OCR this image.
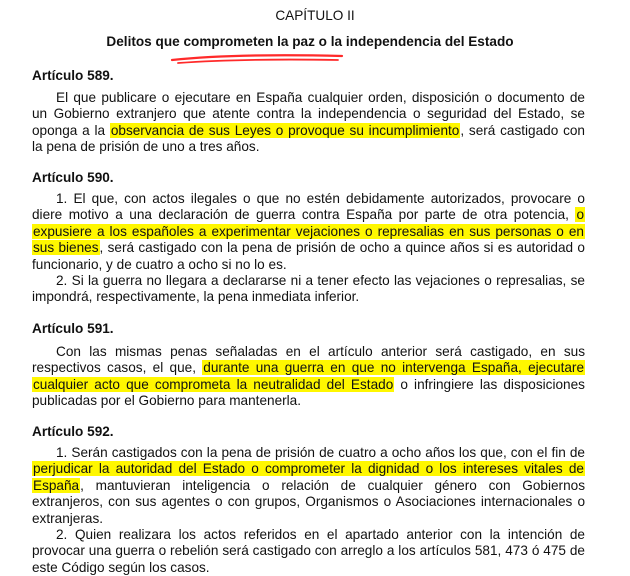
CAPÍTULO II
Delitos que comprometen la paz o la independencia del Estado
Artículo 589.

El que publicare o ejecutare en España cualquier orden, disposición o documento de un Gobierno extranjero que atente contra la independencia o seguridad del Estado, se oponga a la observancia de sus Leyes o provoque su incumplimiento, será castigado con la pena de prisión de uno a tres años.

Artículo 590.

1. El que, con actos ilegales o que no estén debidamente autorizados, provocare o diere motivo a una declaración de guerra contra España por parte de otra potencia, o expusiere a los españoles a experimentar vejaciones o represalias en sus personas o en sus bienes, será castigado con la pena de prisión de ocho a quince años si es autoridad o funcionario, y de cuatro a ocho si no lo es.

2. Si la guerra no llegara a declararse ni a tener efecto las vejaciones o represalias, se impondrá, respectivamente, la pena inmediata inferior.

Artículo 591.

Con las mismas penas señaladas en el artículo anterior será castigado, en sus respectivos casos, el que, durante una guerra en que no intervenga España, ejecutare cualquier acto que comprometa la neutralidad del Estado o infringiere las disposiciones publicadas por el Gobierno para mantenerla.

Artículo 592.

1. Serán castigados con la pena de prisión de cuatro a ocho años los que, con el fin de perjudicar la autoridad del Estado o comprometer la dignidad o los intereses vitales de España, mantuvieran inteligencia o relación de cualquier género con Gobiernos extranjeros, con sus agentes o con grupos, Organismos o Asociaciones internacionales o extranjeras.

2. Quien realizara los actos referidos en el apartado anterior con la intención de provocar una guerra o rebelión será castigado con arreglo a los artículos 581, 473 ó 475 de este Código según los casos.
